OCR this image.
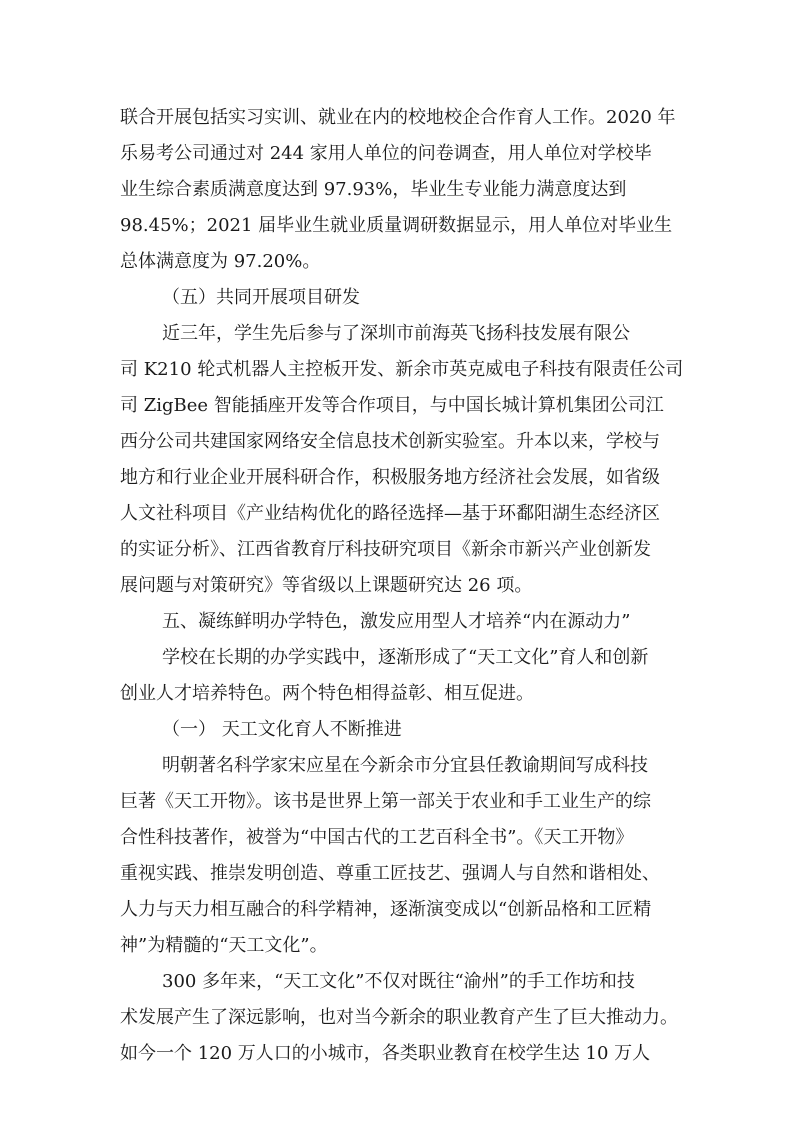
联合开展包括实习实训、就业在内的校地校企合作育人工作。2020 年
乐易考公司通过对 244 家用人单位的问卷调查，用人单位对学校毕
业生综合素质满意度达到 97.93%，毕业生专业能力满意度达到
98.45%；2021 届毕业生就业质量调研数据显示，用人单位对毕业生
总体满意度为 97.20%。
（五）共同开展项目研发
近三年，学生先后参与了深圳市前海英飞扬科技发展有限公
司 K210 轮式机器人主控板开发、新余市英克威电子科技有限责任公司
司 ZigBee 智能插座开发等合作项目，与中国长城计算机集团公司江
西分公司共建国家网络安全信息技术创新实验室。升本以来，学校与
地方和行业企业开展科研合作，积极服务地方经济社会发展，如省级
人文社科项目《产业结构优化的路径选择—基于环鄱阳湖生态经济区
的实证分析》、江西省教育厅科技研究项目《新余市新兴产业创新发
展问题与对策研究》等省级以上课题研究达 26 项。
五、凝练鲜明办学特色，激发应用型人才培养“内在源动力”
学校在长期的办学实践中，逐渐形成了“天工文化”育人和创新
创业人才培养特色。两个特色相得益彰、相互促进。
（一） 天工文化育人不断推进
明朝著名科学家宋应星在今新余市分宜县任教谕期间写成科技
巨著《天工开物》。该书是世界上第一部关于农业和手工业生产的综
合性科技著作，被誉为“中国古代的工艺百科全书”。《天工开物》
重视实践、推崇发明创造、尊重工匠技艺、强调人与自然和谐相处、
人力与天力相互融合的科学精神，逐渐演变成以“创新品格和工匠精
神”为精髓的“天工文化”。
300 多年来，“天工文化”不仅对既往“渝州”的手工作坊和技
术发展产生了深远影响，也对当今新余的职业教育产生了巨大推动力。
如今一个 120 万人口的小城市，各类职业教育在校学生达 10 万人
